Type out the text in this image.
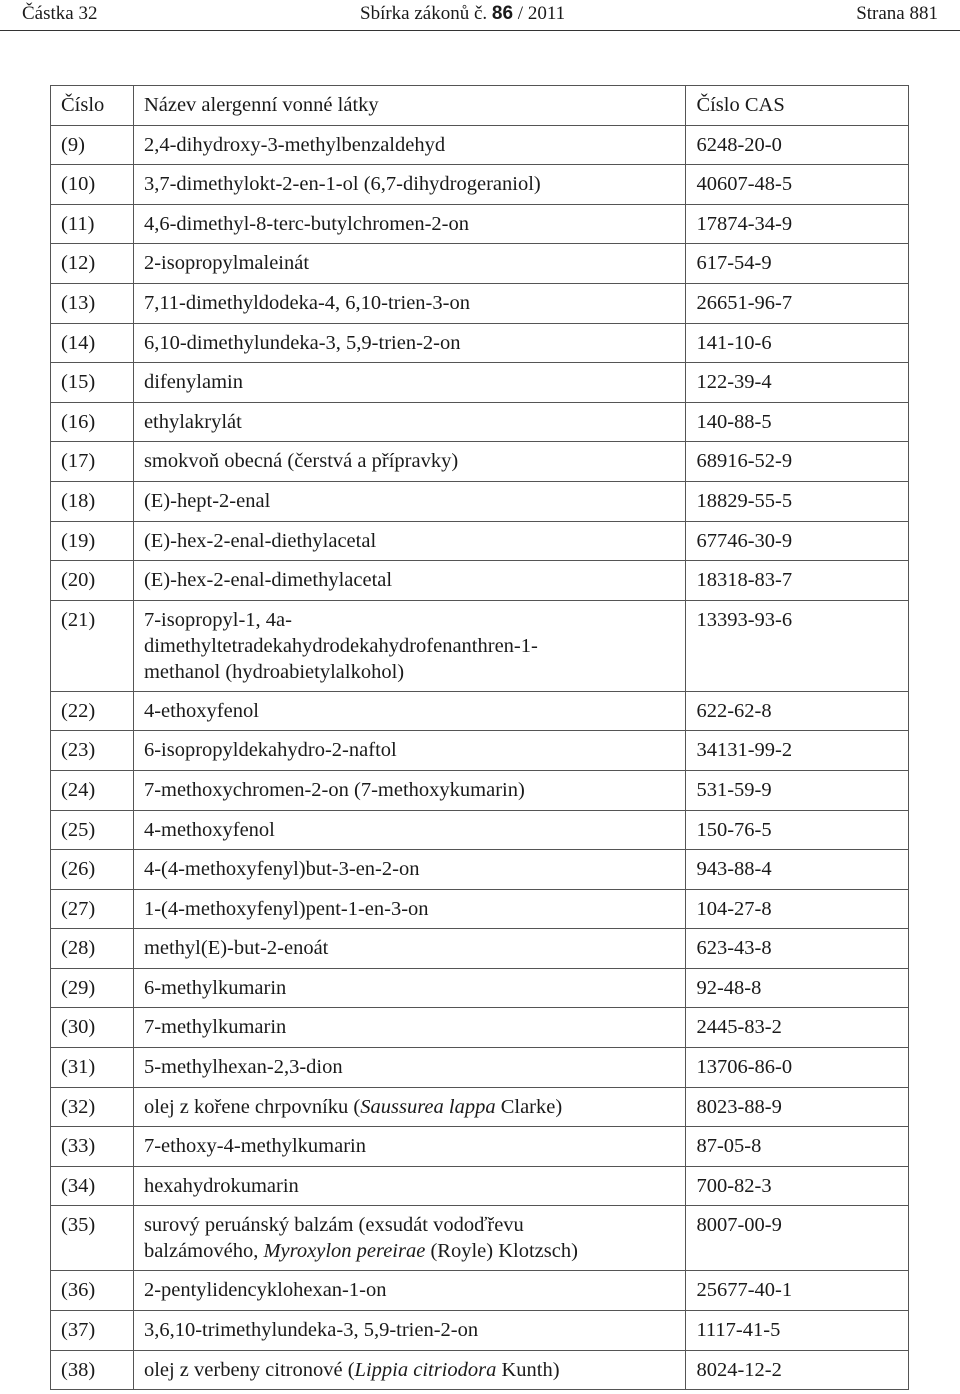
Částka 32	Sbírka zákonů č. 86 / 2011	Strana 881
Číslo	Název alergenní vonné látky	Číslo CAS
(9)	2,4-dihydroxy-3-methylbenzaldehyd	6248-20-0
(10)	3,7-dimethylokt-2-en-1-ol (6,7-dihydrogeraniol)	40607-48-5
(11)	4,6-dimethyl-8-terc-butylchromen-2-on	17874-34-9
(12)	2-isopropylmaleinát	617-54-9
(13)	7,11-dimethyldodeka-4, 6,10-trien-3-on	26651-96-7
(14)	6,10-dimethylundeka-3, 5,9-trien-2-on	141-10-6
(15)	difenylamin	122-39-4
(16)	ethylakrylát	140-88-5
(17)	smokvoň obecná (čerstvá a přípravky)	68916-52-9
(18)	(E)-hept-2-enal	18829-55-5
(19)	(E)-hex-2-enal-diethylacetal	67746-30-9
(20)	(E)-hex-2-enal-dimethylacetal	18318-83-7
(21)	7-isopropyl-1, 4a-
dimethyltetradekahydrodekahydrofenanthren-1-
methanol (hydroabietylalkohol)	13393-93-6
(22)	4-ethoxyfenol	622-62-8
(23)	6-isopropyldekahydro-2-naftol	34131-99-2
(24)	7-methoxychromen-2-on (7-methoxykumarin)	531-59-9
(25)	4-methoxyfenol	150-76-5
(26)	4-(4-methoxyfenyl)but-3-en-2-on	943-88-4
(27)	1-(4-methoxyfenyl)pent-1-en-3-on	104-27-8
(28)	methyl(E)-but-2-enoát	623-43-8
(29)	6-methylkumarin	92-48-8
(30)	7-methylkumarin	2445-83-2
(31)	5-methylhexan-2,3-dion	13706-86-0
(32)	olej z kořene chrpovníku (Saussurea lappa Clarke)	8023-88-9
(33)	7-ethoxy-4-methylkumarin	87-05-8
(34)	hexahydrokumarin	700-82-3
(35)	surový peruánský balzám (exsudát vodoďřevu
balzámového, Myroxylon pereirae (Royle) Klotzsch)	8007-00-9
(36)	2-pentylidencyklohexan-1-on	25677-40-1
(37)	3,6,10-trimethylundeka-3, 5,9-trien-2-on	1117-41-5
(38)	olej z verbeny citronové (Lippia citriodora Kunth)	8024-12-2
